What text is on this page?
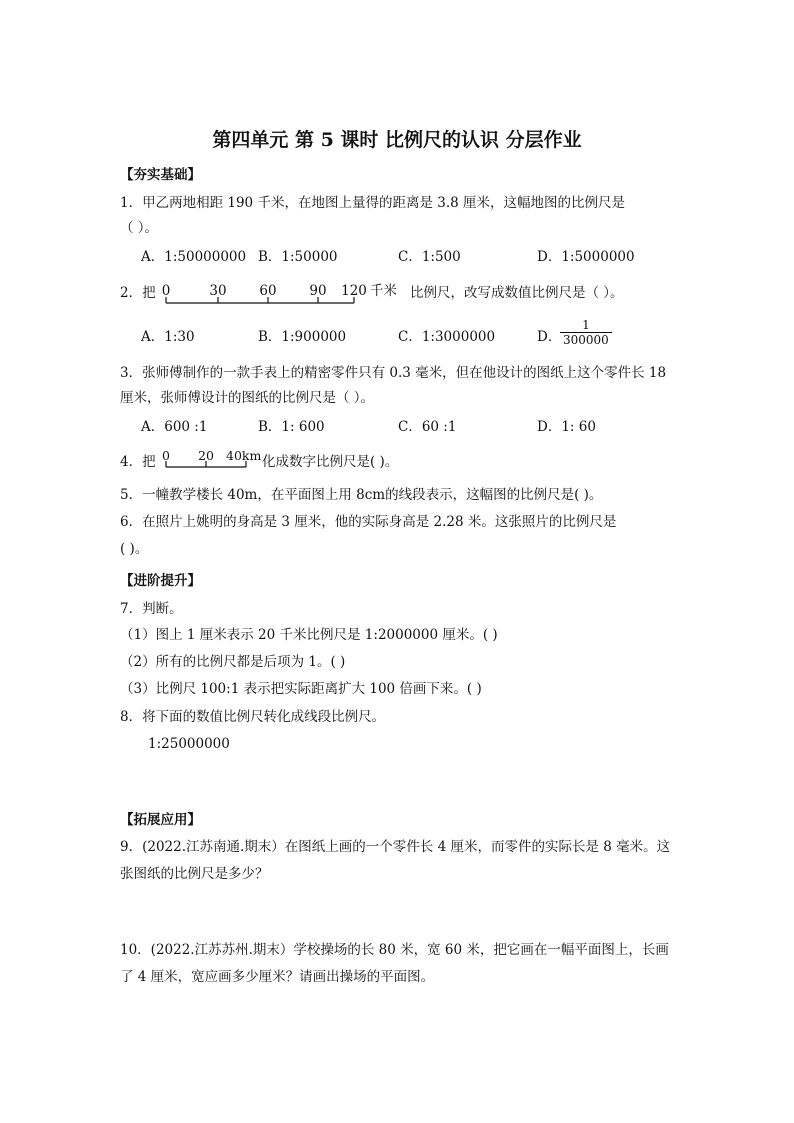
第四单元 第 5 课时 比例尺的认识 分层作业
【夯实基础】
1．甲乙两地相距 190 千米，在地图上量得的距离是 3.8 厘米，这幅地图的比例尺是
（ ）。
A．1:50000000 B．1:50000	C．1:500	D．1:5000000
2．把 0	30 60 90 120 千米 比例尺，改写成数值比例尺是（ ）。
A．1:30	B．1:900000	C．1:3000000	D．
$\frac{1}{300000}$
3．张师傅制作的一款手表上的精密零件只有 0.3 毫米，但在他设计的图纸上这个零件长 18
厘米，张师傅设计的图纸的比例尺是（ ）。
A．600 :1	B．1: 600	C．60 :1	D．1: 60
4．把 0 20 40km 化成数字比例尺是( )。
5．一幢教学楼长 40m，在平面图上用 8cm的线段表示，这幅图的比例尺是( )。
6．在照片上姚明的身高是 3 厘米，他的实际身高是 2.28 米。这张照片的比例尺是
( )。
【进阶提升】
7．判断。
（1）图上 1 厘米表示 20 千米比例尺是 1:2000000 厘米。( )
（2）所有的比例尺都是后项为 1。( )
（3）比例尺 100:1 表示把实际距离扩大 100 倍画下来。( )
8．将下面的数值比例尺转化成线段比例尺。
1:25000000
【拓展应用】
9．(2022.江苏南通.期末）在图纸上画的一个零件长 4 厘米，而零件的实际长是 8 毫米。这
张图纸的比例尺是多少？
10．(2022.江苏苏州.期末）学校操场的长 80 米，宽 60 米，把它画在一幅平面图上，长画
了 4 厘米，宽应画多少厘米？请画出操场的平面图。
